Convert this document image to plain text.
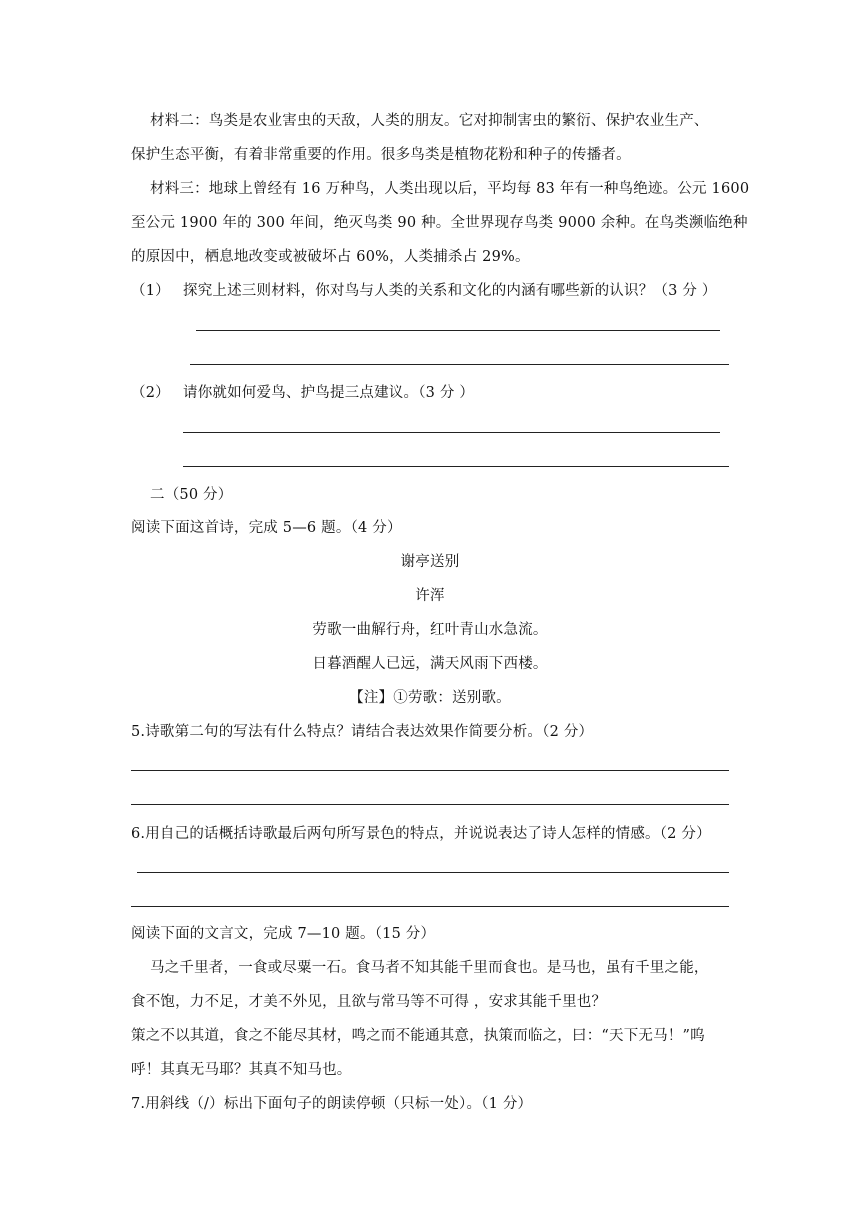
材料二：鸟类是农业害虫的天敌，人类的朋友。它对抑制害虫的繁衍、保护农业生产、
保护生态平衡，有着非常重要的作用。很多鸟类是植物花粉和种子的传播者。
材料三：地球上曾经有 16 万种鸟，人类出现以后，平均每 83 年有一种鸟绝迹。公元 1600
至公元 1900 年的 300 年间，绝灭鸟类 90 种。全世界现存鸟类 9000 余种。在鸟类濒临绝种
的原因中，栖息地改变或被破坏占 60%，人类捕杀占 29%。
（1） 探究上述三则材料，你对鸟与人类的关系和文化的内涵有哪些新的认识？（3 分 ）
（2） 请你就如何爱鸟、护鸟提三点建议。（3 分 ）
二（50 分）
阅读下面这首诗，完成 5—6 题。（4 分）
谢亭送别
许浑
劳歌一曲解行舟，红叶青山水急流。
日暮酒醒人已远，满天风雨下西楼。
【注】①劳歌：送别歌。
5.诗歌第二句的写法有什么特点？请结合表达效果作简要分析。（2 分）
6.用自己的话概括诗歌最后两句所写景色的特点，并说说表达了诗人怎样的情感。（2 分）
阅读下面的文言文，完成 7—10 题。（15 分）
马之千里者，一食或尽粟一石。食马者不知其能千里而食也。是马也，虽有千里之能，
食不饱，力不足，才美不外见，且欲与常马等不可得 ，安求其能千里也？
策之不以其道，食之不能尽其材，鸣之而不能通其意，执策而临之，曰：“天下无马！”呜
呼！其真无马耶？其真不知马也。
7.用斜线（/）标出下面句子的朗读停顿（只标一处）。（1 分）
